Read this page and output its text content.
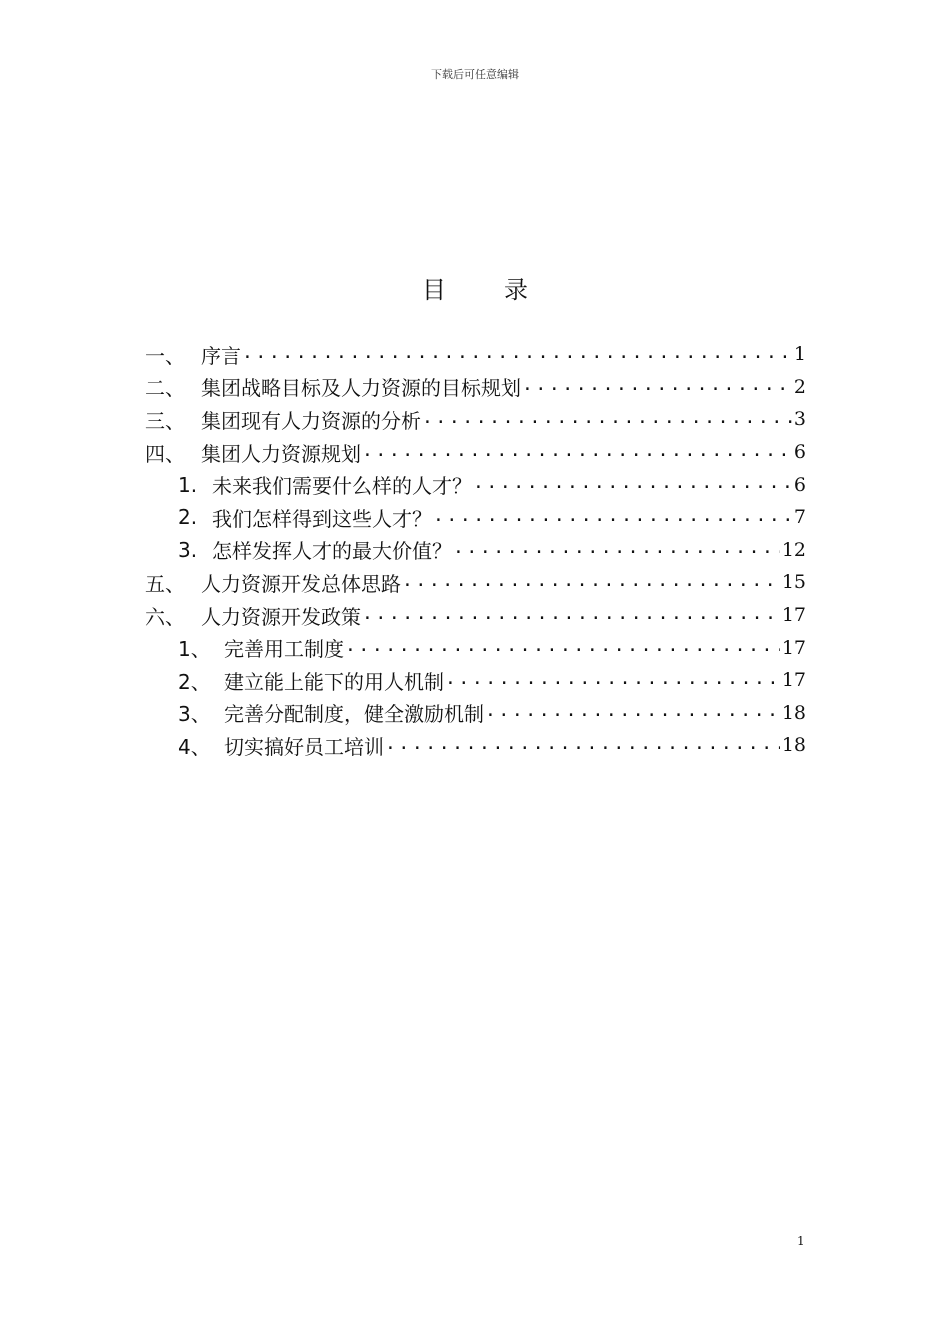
下载后可任意编辑
目 录
一、 序言 .....	1
二、 集团战略目标及人力资源的目标规划 .....	2
三、 集团现有人力资源的分析 .....	3
四、 集团人力资源规划 .....	6
1. 未来我们需要什么样的人才？ .....	6
2. 我们怎样得到这些人才？ .....	7
3. 怎样发挥人才的最大价值？ .....	12
五、 人力资源开发总体思路 .....	15
六、 人力资源开发政策 .....	17
1、 完善用工制度 .....	17
2、 建立能上能下的用人机制 .....	17
3、 完善分配制度，健全激励机制 .....	18
4、 切实搞好员工培训 .....	18
1
